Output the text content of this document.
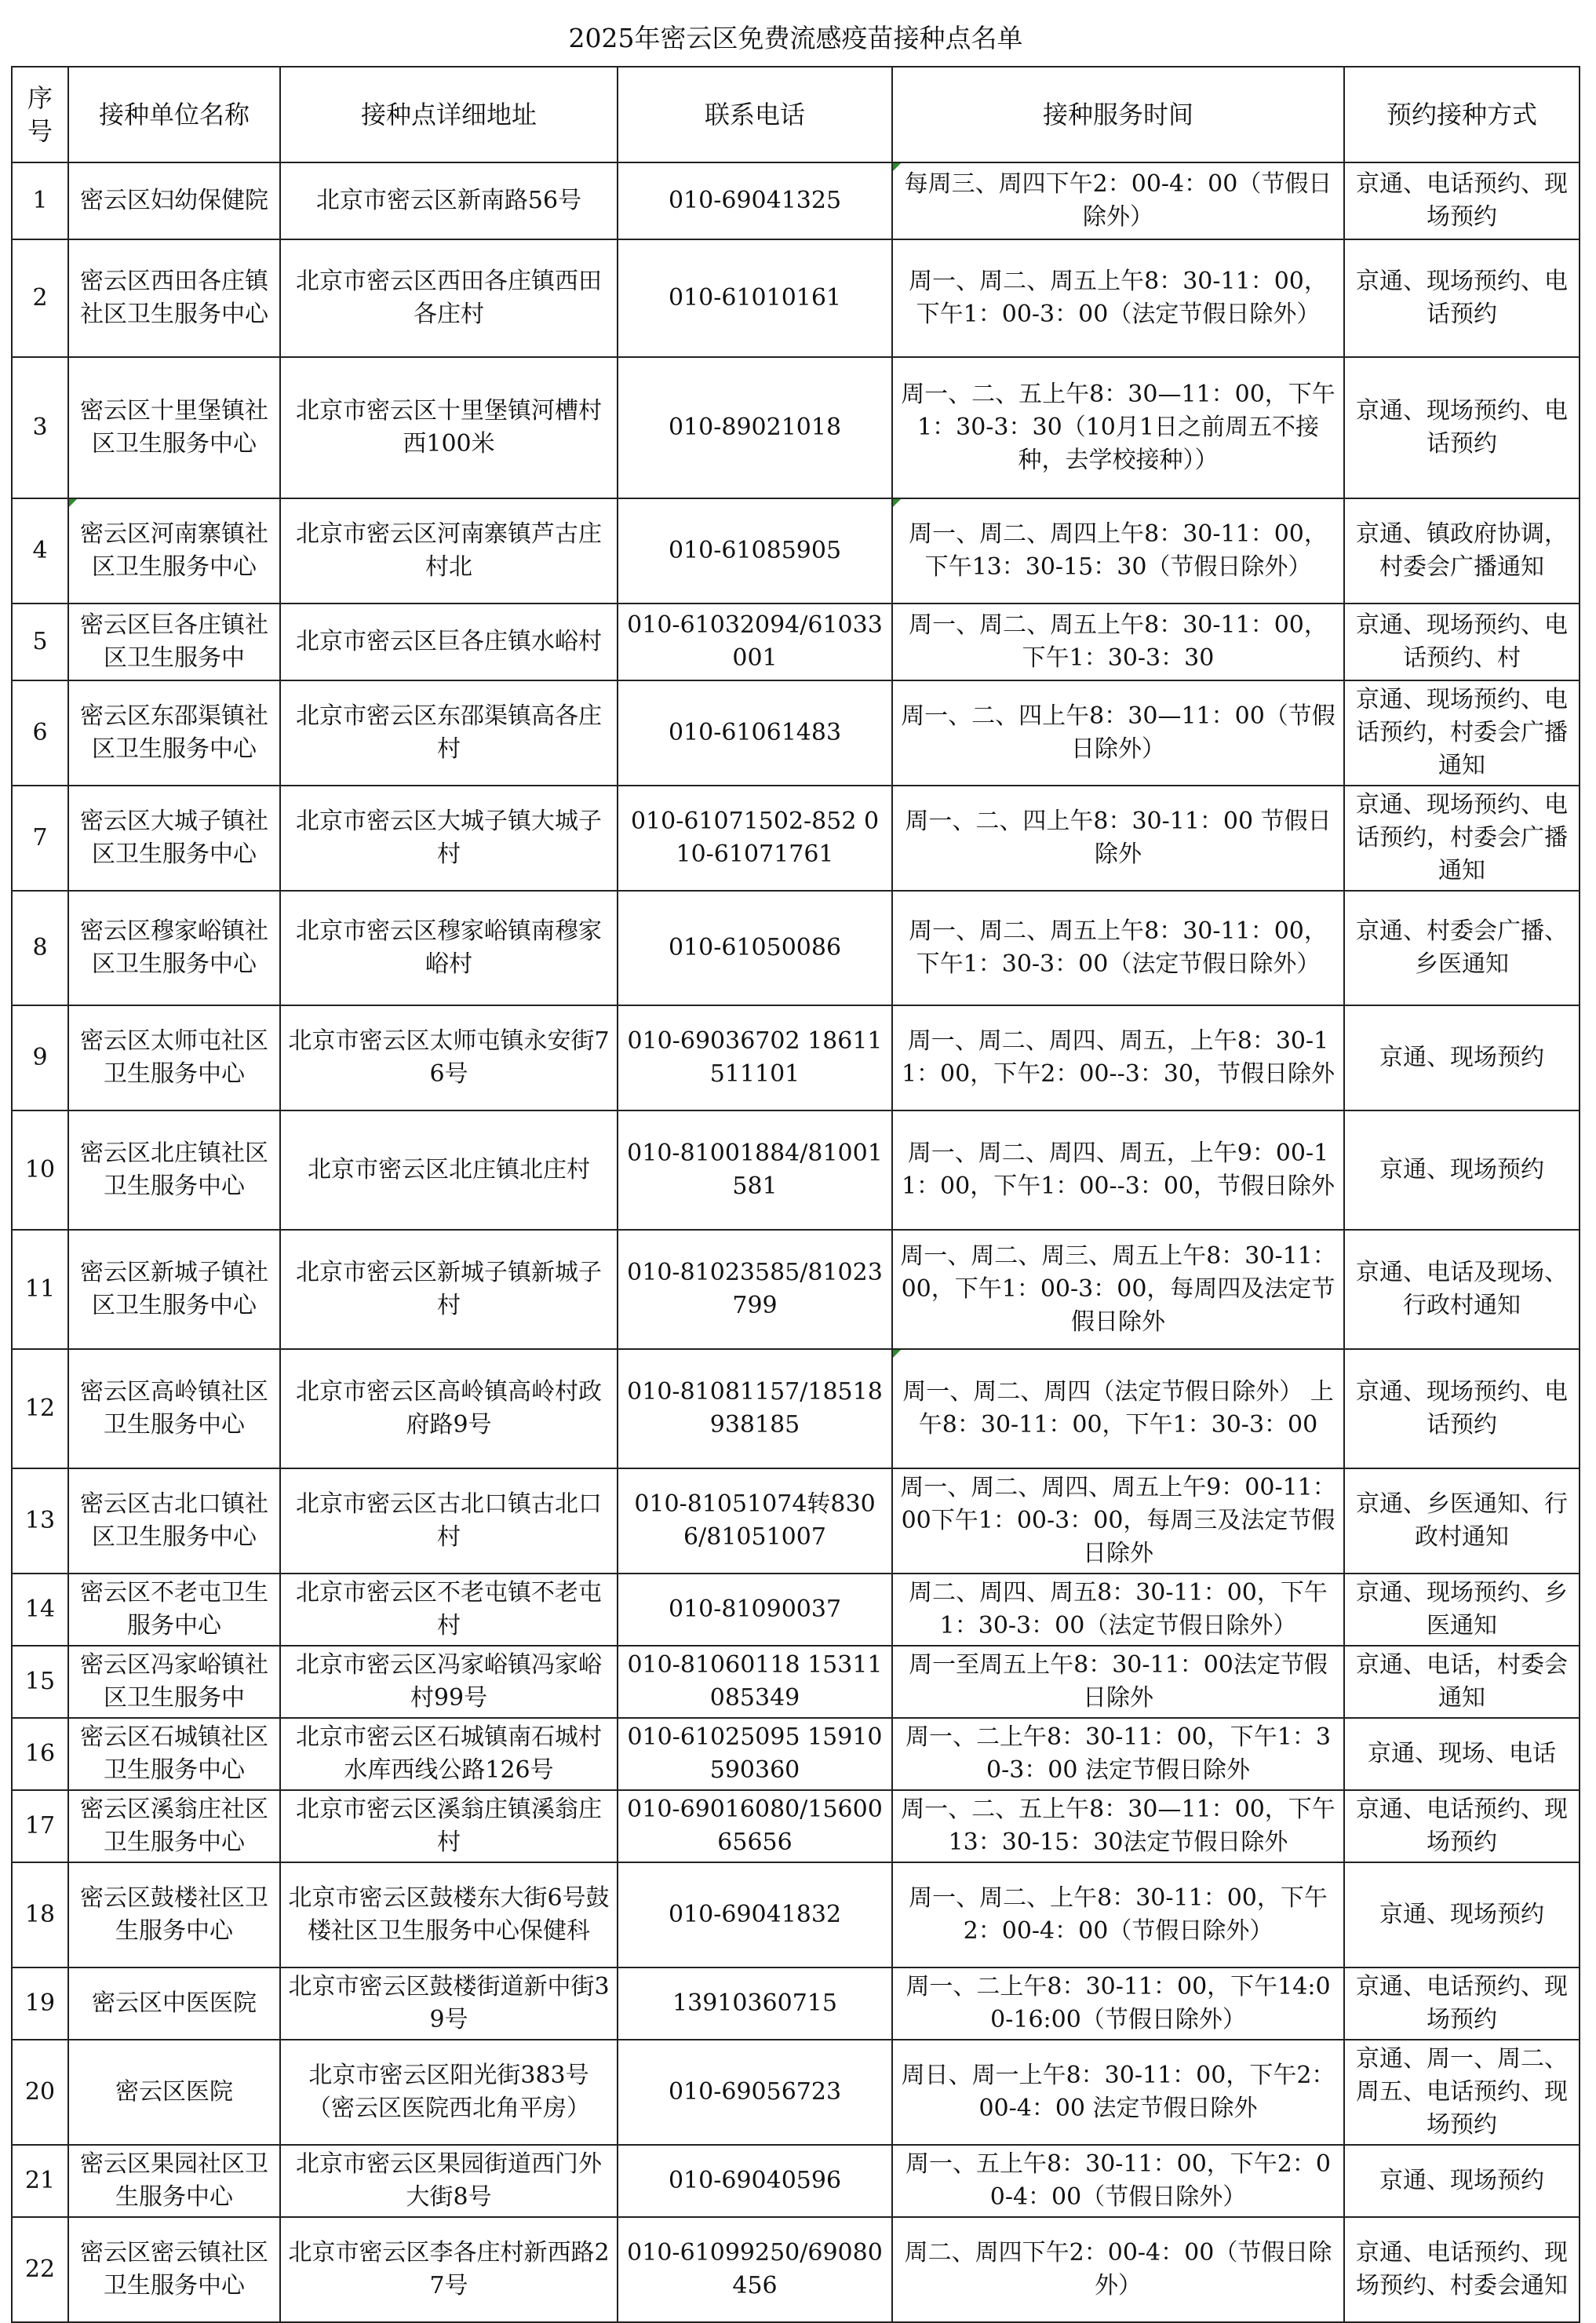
2025年密云区免费流感疫苗接种点名单					
序号	接种单位名称	接种点详细地址	联系电话	接种服务时间	预约接种方式
1	密云区妇幼保健院	北京市密云区新南路56号	010-69041325	每周三、周四下午2：00-4：00（节假日除外）	京通、电话预约、现场预约
2	密云区西田各庄镇社区卫生服务中心	北京市密云区西田各庄镇西田各庄村	010-61010161	周一、周二、周五上午8：30-11：00，下午1：00-3：00（法定节假日除外）	京通、现场预约、电话预约
3	密云区十里堡镇社区卫生服务中心	北京市密云区十里堡镇河槽村西100米	010-89021018	周一、二、五上午8：30—11：00，下午1：30-3：30（10月1日之前周五不接种，去学校接种））	京通、现场预约、电话预约
4	密云区河南寨镇社区卫生服务中心	北京市密云区河南寨镇芦古庄村北	010-61085905	周一、周二、周四上午8：30-11：00，下午13：30-15：30（节假日除外）	京通、镇政府协调，村委会广播通知
5	密云区巨各庄镇社区卫生服务中	北京市密云区巨各庄镇水峪村	010-61032094/61033001	周一、周二、周五上午8：30-11：00，下午1：30-3：30	京通、现场预约、电话预约、村
6	密云区东邵渠镇社区卫生服务中心	北京市密云区东邵渠镇高各庄村	010-61061483	周一、二、四上午8：30—11：00（节假日除外）	京通、现场预约、电话预约，村委会广播通知
7	密云区大城子镇社区卫生服务中心	北京市密云区大城子镇大城子村	010-61071502-852 010-61071761	周一、二、四上午8：30-11：00 节假日除外	京通、现场预约、电话预约，村委会广播通知
8	密云区穆家峪镇社区卫生服务中心	北京市密云区穆家峪镇南穆家峪村	010-61050086	周一、周二、周五上午8：30-11：00，下午1：30-3：00（法定节假日除外）	京通、村委会广播、乡医通知
9	密云区太师屯社区卫生服务中心	北京市密云区太师屯镇永安街76号	010-69036702 18611511101	周一、周二、周四、周五，上午8：30-11：00，下午2：00--3：30，节假日除外	京通、现场预约
10	密云区北庄镇社区卫生服务中心	北京市密云区北庄镇北庄村	010-81001884/81001581	周一、周二、周四、周五，上午9：00-11：00，下午1：00--3：00，节假日除外	京通、现场预约
11	密云区新城子镇社区卫生服务中心	北京市密云区新城子镇新城子村	010-81023585/81023799	周一、周二、周三、周五上午8：30-11：00，下午1：00-3：00，每周四及法定节假日除外	京通、电话及现场、行政村通知
12	密云区高岭镇社区卫生服务中心	北京市密云区高岭镇高岭村政府路9号	010-81081157/18518938185	周一、周二、周四（法定节假日除外） 上午8：30-11：00，下午1：30-3：00	京通、现场预约、电话预约
13	密云区古北口镇社区卫生服务中心	北京市密云区古北口镇古北口村	010-81051074转8306/81051007	周一、周二、周四、周五上午9：00-11：00下午1：00-3：00，每周三及法定节假日除外	京通、乡医通知、行政村通知
14	密云区不老屯卫生服务中心	北京市密云区不老屯镇不老屯村	010-81090037	周二、周四、周五8：30-11：00，下午1：30-3：00（法定节假日除外）	京通、现场预约、乡医通知
15	密云区冯家峪镇社区卫生服务中	北京市密云区冯家峪镇冯家峪村99号	010-81060118 15311085349	周一至周五上午8：30-11：00法定节假日除外	京通、电话，村委会通知
16	密云区石城镇社区卫生服务中心	北京市密云区石城镇南石城村水库西线公路126号	010-61025095 15910590360	周一、二上午8：30-11：00，下午1：30-3：00 法定节假日除外	京通、现场、电话
17	密云区溪翁庄社区卫生服务中心	北京市密云区溪翁庄镇溪翁庄村	010-69016080/1560065656	周一、二、五上午8：30—11：00，下午13：30-15：30法定节假日除外	京通、电话预约、现场预约
18	密云区鼓楼社区卫生服务中心	北京市密云区鼓楼东大街6号鼓楼社区卫生服务中心保健科	010-69041832	周一、周二、上午8：30-11：00，下午2：00-4：00（节假日除外）	京通、现场预约
19	密云区中医医院	北京市密云区鼓楼街道新中街39号	13910360715	周一、二上午8：30-11：00，下午14:00-16:00（节假日除外）	京通、电话预约、现场预约
20	密云区医院	北京市密云区阳光街383号（密云区医院西北角平房）	010-69056723	周日、周一上午8：30-11：00，下午2：00-4：00 法定节假日除外	京通、周一、周二、周五、电话预约、现场预约
21	密云区果园社区卫生服务中心	北京市密云区果园街道西门外大街8号	010-69040596	周一、五上午8：30-11：00，下午2：00-4：00（节假日除外）	京通、现场预约
22	密云区密云镇社区卫生服务中心	北京市密云区李各庄村新西路27号	010-61099250/69080456	周二、周四下午2：00-4：00（节假日除外）	京通、电话预约、现场预约、村委会通知
